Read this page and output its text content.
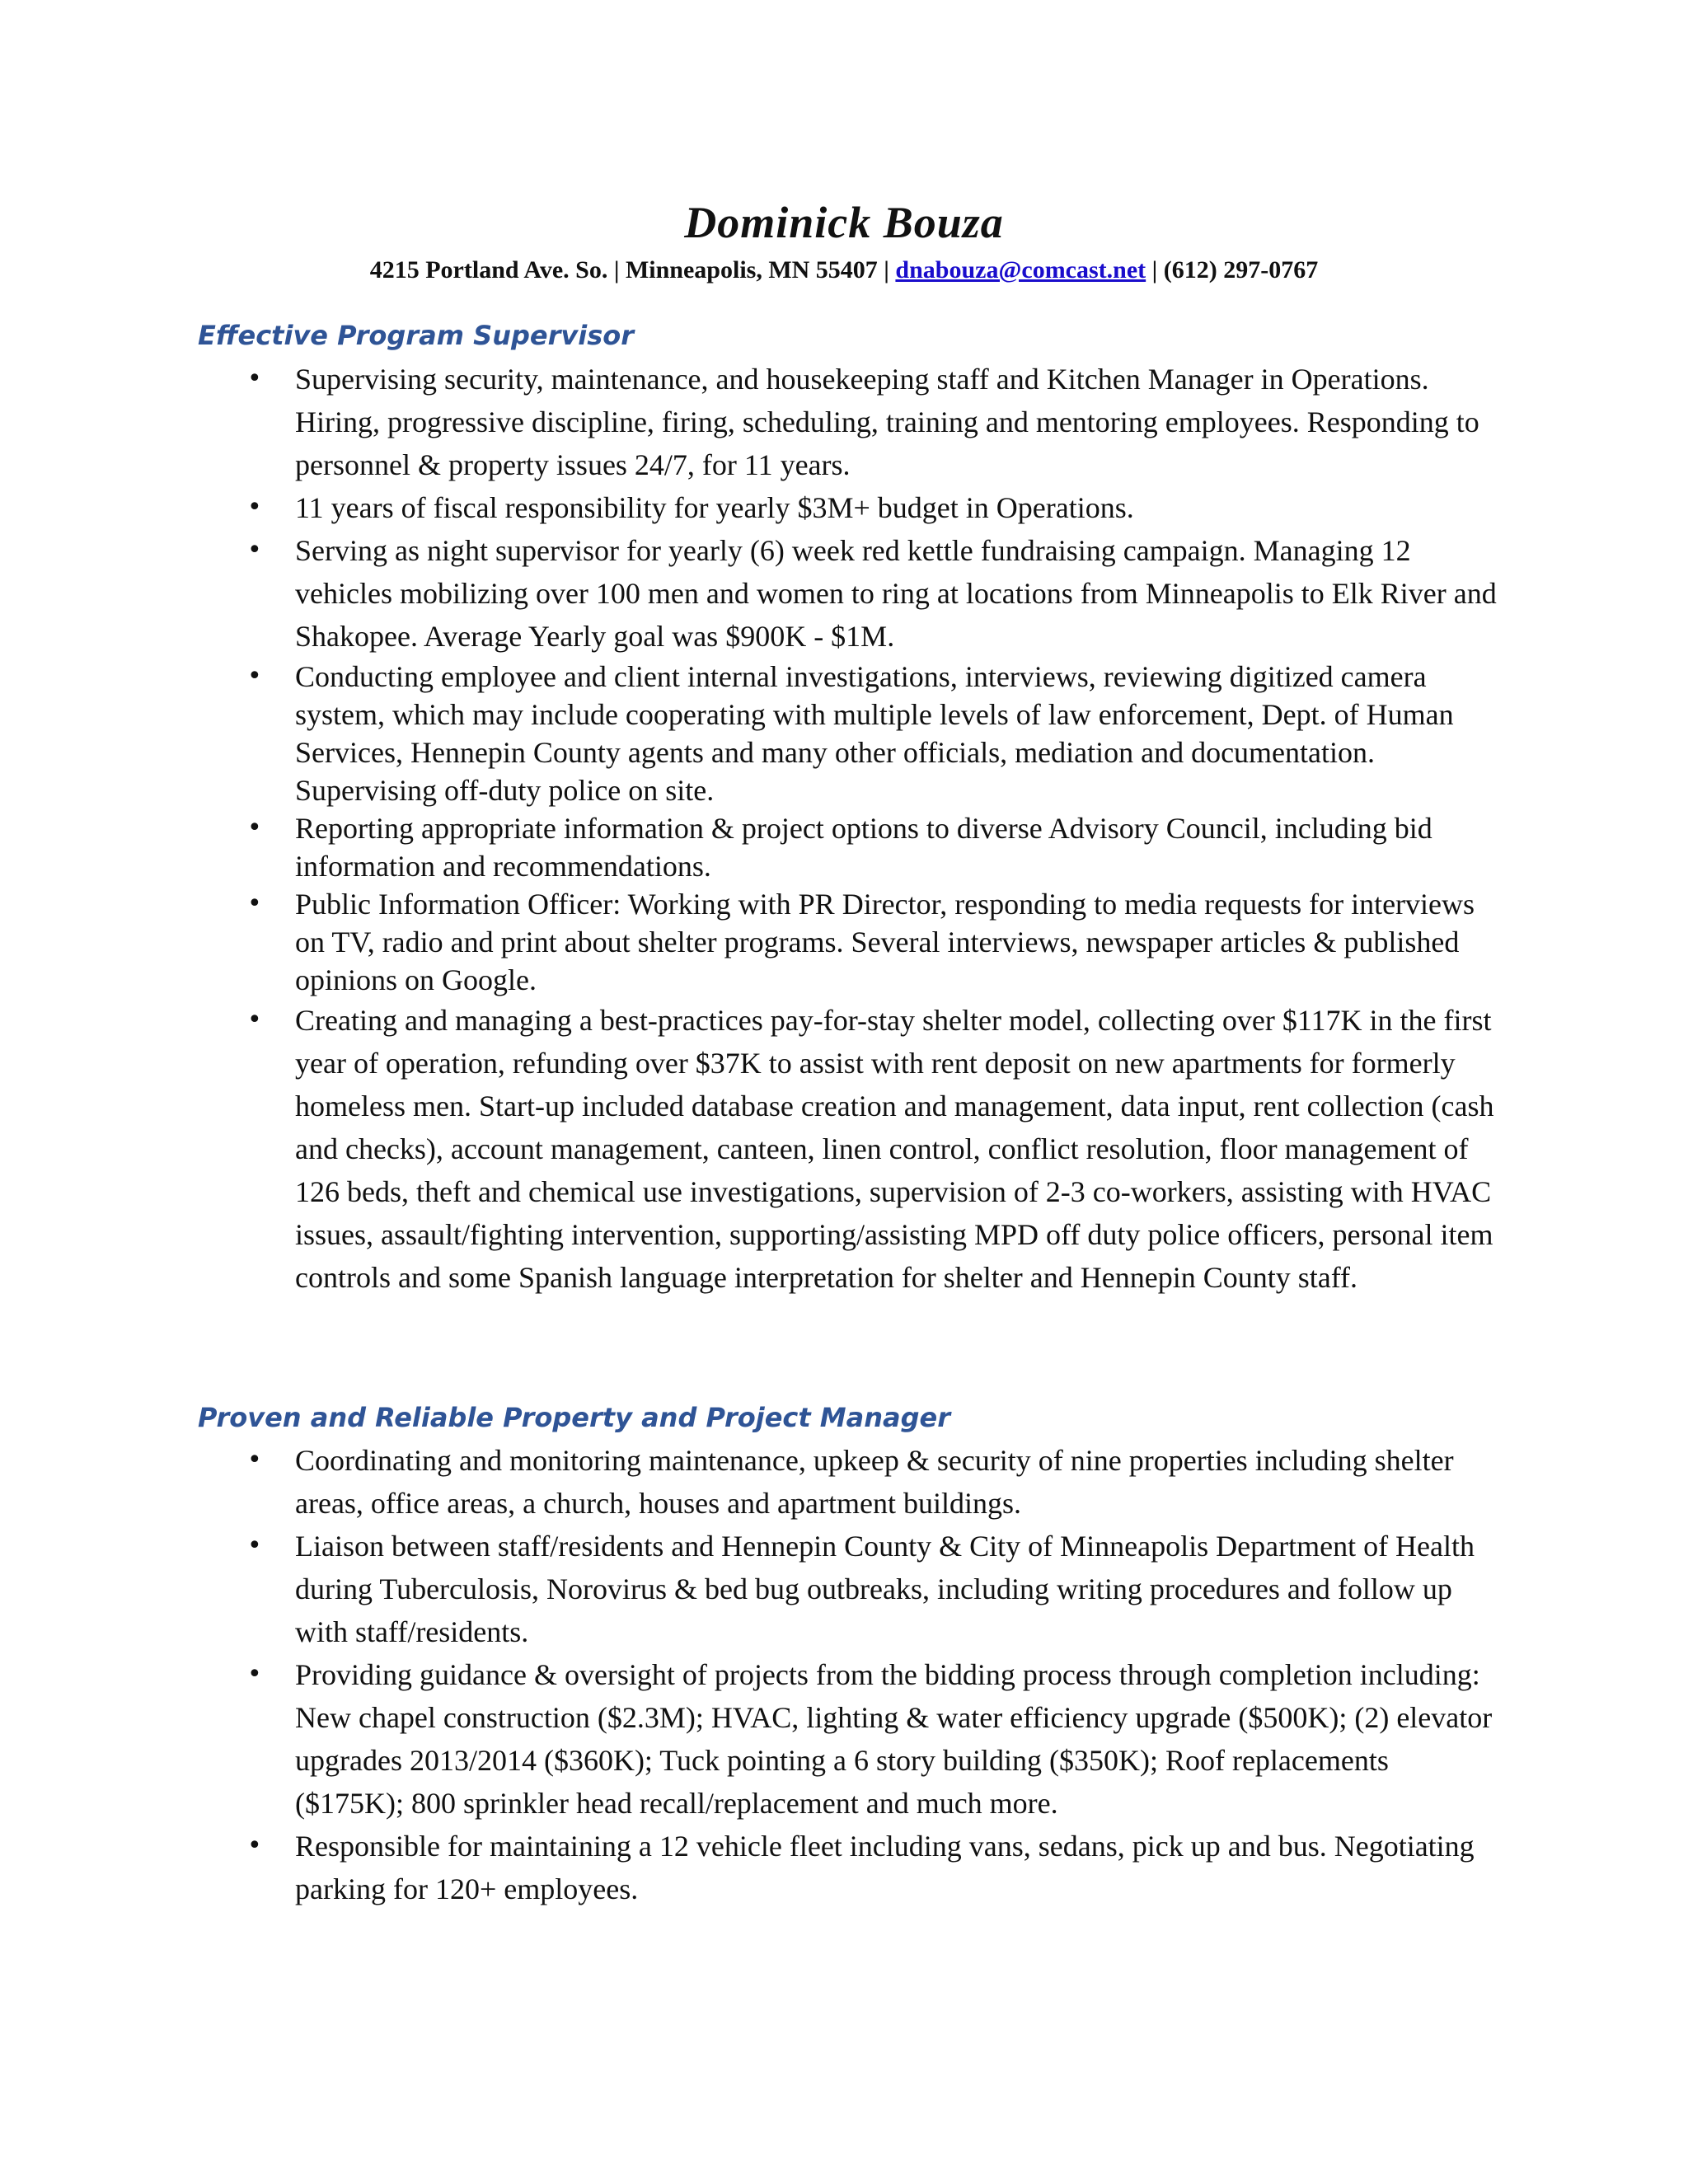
Dominick Bouza
4215 Portland Ave. So. | Minneapolis, MN 55407 | dnabouza@comcast.net | (612) 297-0767
Effective Program Supervisor
• Supervising security, maintenance, and housekeeping staff and Kitchen Manager in Operations. Hiring, progressive discipline, firing, scheduling, training and mentoring employees. Responding to personnel & property issues 24/7, for 11 years.
• 11 years of fiscal responsibility for yearly $3M+ budget in Operations.
• Serving as night supervisor for yearly (6) week red kettle fundraising campaign. Managing 12 vehicles mobilizing over 100 men and women to ring at locations from Minneapolis to Elk River and Shakopee. Average Yearly goal was $900K - $1M.
• Conducting employee and client internal investigations, interviews, reviewing digitized camera system, which may include cooperating with multiple levels of law enforcement, Dept. of Human Services, Hennepin County agents and many other officials, mediation and documentation. Supervising off-duty police on site.
• Reporting appropriate information & project options to diverse Advisory Council, including bid information and recommendations.
• Public Information Officer: Working with PR Director, responding to media requests for interviews on TV, radio and print about shelter programs. Several interviews, newspaper articles & published opinions on Google.
• Creating and managing a best-practices pay-for-stay shelter model, collecting over $117K in the first year of operation, refunding over $37K to assist with rent deposit on new apartments for formerly homeless men. Start-up included database creation and management, data input, rent collection (cash and checks), account management, canteen, linen control, conflict resolution, floor management of 126 beds, theft and chemical use investigations, supervision of 2-3 co-workers, assisting with HVAC issues, assault/fighting intervention, supporting/assisting MPD off duty police officers, personal item controls and some Spanish language interpretation for shelter and Hennepin County staff.
Proven and Reliable Property and Project Manager
• Coordinating and monitoring maintenance, upkeep & security of nine properties including shelter areas, office areas, a church, houses and apartment buildings.
• Liaison between staff/residents and Hennepin County & City of Minneapolis Department of Health during Tuberculosis, Norovirus & bed bug outbreaks, including writing procedures and follow up with staff/residents.
• Providing guidance & oversight of projects from the bidding process through completion including: New chapel construction ($2.3M); HVAC, lighting & water efficiency upgrade ($500K); (2) elevator upgrades 2013/2014 ($360K); Tuck pointing a 6 story building ($350K); Roof replacements ($175K); 800 sprinkler head recall/replacement and much more.
• Responsible for maintaining a 12 vehicle fleet including vans, sedans, pick up and bus. Negotiating parking for 120+ employees.
